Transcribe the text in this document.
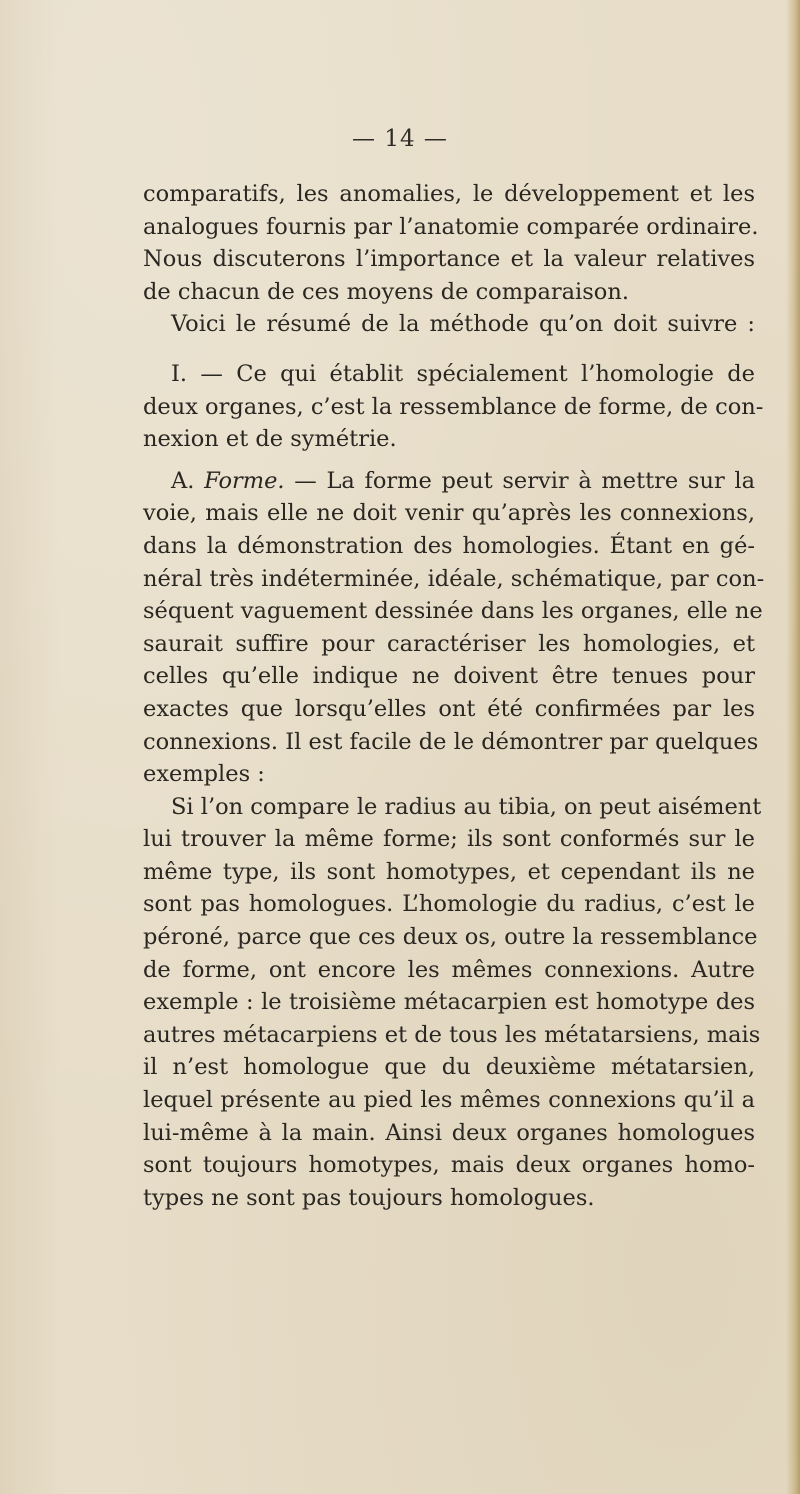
— 14 —
comparatifs, les anomalies, le développement et les
analogues fournis par l’anatomie comparée ordinaire.
Nous discuterons l’importance et la valeur relatives
de chacun de ces moyens de comparaison.
Voici le résumé de la méthode qu’on doit suivre :
I. — Ce qui établit spécialement l’homologie de
deux organes, c’est la ressemblance de forme, de con-
nexion et de symétrie.
A. Forme. — La forme peut servir à mettre sur la
voie, mais elle ne doit venir qu’après les connexions,
dans la démonstration des homologies. Étant en gé-
néral très indéterminée, idéale, schématique, par con-
séquent vaguement dessinée dans les organes, elle ne
saurait suffire pour caractériser les homologies, et
celles qu’elle indique ne doivent être tenues pour
exactes que lorsqu’elles ont été confirmées par les
connexions. Il est facile de le démontrer par quelques
exemples :
Si l’on compare le radius au tibia, on peut aisément
lui trouver la même forme; ils sont conformés sur le
même type, ils sont homotypes, et cependant ils ne
sont pas homologues. L’homologie du radius, c’est le
péroné, parce que ces deux os, outre la ressemblance
de forme, ont encore les mêmes connexions. Autre
exemple : le troisième métacarpien est homotype des
autres métacarpiens et de tous les métatarsiens, mais
il n’est homologue que du deuxième métatarsien,
lequel présente au pied les mêmes connexions qu’il a
lui-même à la main. Ainsi deux organes homologues
sont toujours homotypes, mais deux organes homo-
types ne sont pas toujours homologues.
